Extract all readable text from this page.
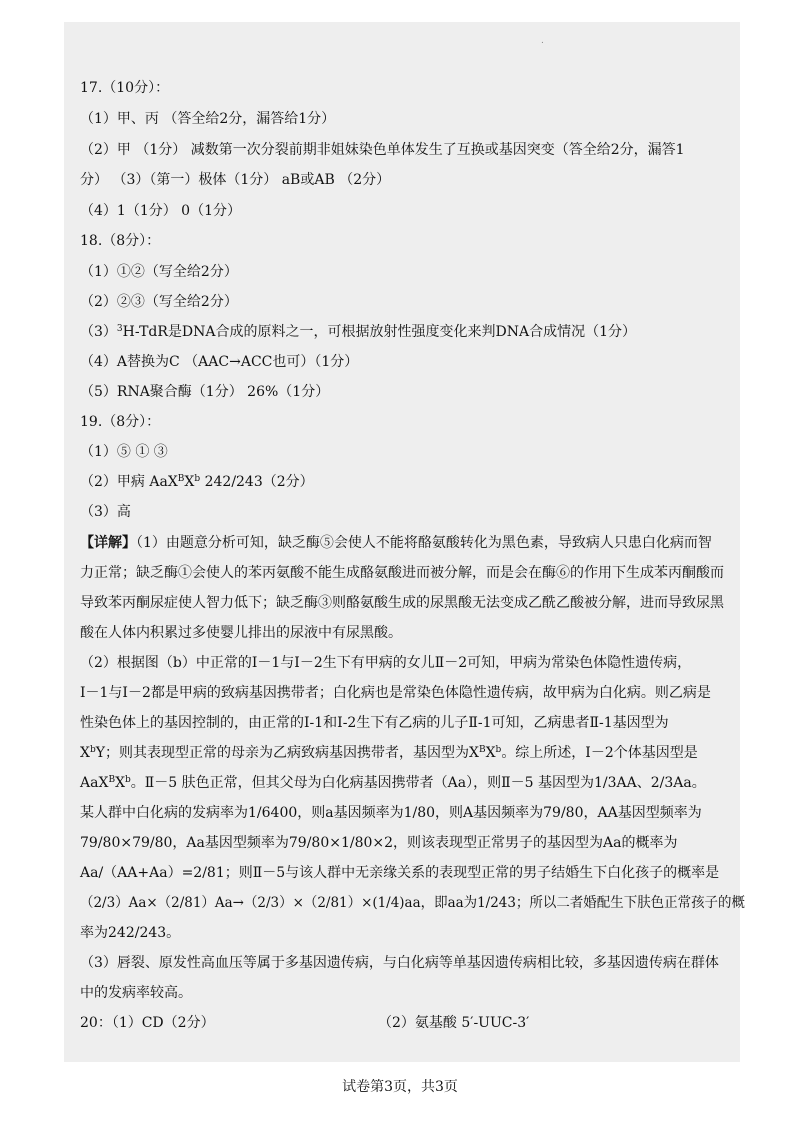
.
17.（10分）：
（1）甲、丙 （答全给2分，漏答给1分）
（2）甲 （1分） 减数第一次分裂前期非姐妹染色单体发生了互换或基因突变（答全给2分，漏答1
分） （3）（第一）极体（1分） aB或AB （2分）
（4）1（1分） 0（1分）
18.（8分）：
（1）①②（写全给2分）
（2）②③（写全给2分）
$(3)^3H$-TdR是DNA合成的原料之一，可根据放射性强度变化来判DNA合成情况（1分）
（4）A替换为C （AAC→ACC也可）（1分）
（5）RNA聚合酶（1分） 26%（1分）
19.（8分）：
（1）⑤ ① ③
（2）甲病 $AaX^BX^b$ 242/243（2分）
（3）高
【详解】（1）由题意分析可知，缺乏酶⑤会使人不能将酪氨酸转化为黑色素，导致病人只患白化病而智
力正常；缺乏酶①会使人的苯丙氨酸不能生成酪氨酸进而被分解，而是会在酶⑥的作用下生成苯丙酮酸而
导致苯丙酮尿症使人智力低下；缺乏酶③则酪氨酸生成的尿黑酸无法变成乙酰乙酸被分解，进而导致尿黑
酸在人体内积累过多使婴儿排出的尿液中有尿黑酸。
（2）根据图（b）中正常的Ⅰ－1与Ⅰ－2生下有甲病的女儿Ⅱ－2可知，甲病为常染色体隐性遗传病，
Ⅰ－1与Ⅰ－2都是甲病的致病基因携带者；白化病也是常染色体隐性遗传病，故甲病为白化病。则乙病是
性染色体上的基因控制的，由正常的Ⅰ-1和Ⅰ-2生下有乙病的儿子Ⅱ-1可知，乙病患者Ⅱ-1基因型为
$X^bY$；则其表现型正常的母亲为乙病致病基因携带者，基因型为$X^BX^b$。综上所述，Ⅰ－2个体基因型是
$AaX^BX^b$。Ⅱ－5 肤色正常，但其父母为白化病基因携带者（Aa），则Ⅱ－5 基因型为1/3AA、2/3Aa。
某人群中白化病的发病率为1/6400，则a基因频率为1/80，则A基因频率为79/80，AA基因型频率为
79/80×79/80，Aa基因型频率为79/80×1/80×2，则该表现型正常男子的基因型为Aa的概率为
Aa/（AA+Aa）=2/81；则Ⅱ－5与该人群中无亲缘关系的表现型正常的男子结婚生下白化孩子的概率是
（2/3）Aa×（2/81）Aa→（2/3）×（2/81）×(1/4)aa，即aa为1/243；所以二者婚配生下肤色正常孩子的概
率为242/243。
（3）唇裂、原发性高血压等属于多基因遗传病，与白化病等单基因遗传病相比较，多基因遗传病在群体
中的发病率较高。
20：（1）CD（2分）	（2）氨基酸 5′-UUC-3′
试卷第3页，共3页
